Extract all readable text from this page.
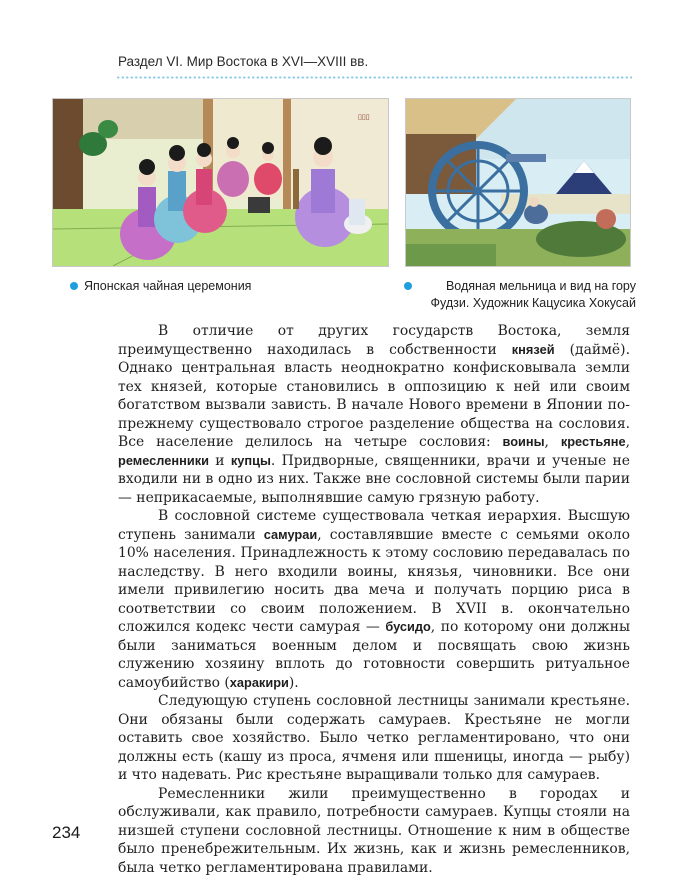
Раздел VI. Мир Востока в XVI—XVIII вв.
▯▯▯
Японская чайная церемония	Водяная мельница и вид на гору
Фудзи. Художник Кацусика Хокусай

В отличие от других государств Востока, земля преимущественно находилась в собственности князей (даймё). Однако центральная власть неоднократно конфисковывала земли тех князей, которые становились в оппозицию к ней или своим богатством вызвали зависть. В начале Нового времени в Японии по-прежнему существовало строгое разделение общества на сословия. Все население делилось на четыре сословия: воины, крестьяне, ремесленники и купцы. Придворные, священники, врачи и ученые не входили ни в одно из них. Также вне сословной системы были парии — неприкасаемые, выполнявшие самую грязную работу.

В сословной системе существовала четкая иерархия. Высшую ступень занимали самураи, составлявшие вместе с семьями около 10% населения. Принадлежность к этому сословию передавалась по наследству. В него входили воины, князья, чиновники. Все они имели привилегию носить два меча и получать порцию риса в соответствии со своим положением. В XVII в. окончательно сложился кодекс чести самурая — бусидо, по которому они должны были заниматься военным делом и посвящать свою жизнь служению хозяину вплоть до готовности совершить ритуальное самоубийство (харакири).

Следующую ступень сословной лестницы занимали крестьяне. Они обязаны были содержать самураев. Крестьяне не могли оставить свое хозяйство. Было четко регламентировано, что они должны есть (кашу из проса, ячменя или пшеницы, иногда — рыбу) и что надевать. Рис крестьяне выращивали только для самураев.

Ремесленники жили преимущественно в городах и обслуживали, как правило, потребности самураев. Купцы стояли на низшей ступени сословной лестницы. Отношение к ним в обществе было пренебрежительным. Их жизнь, как и жизнь ремесленников, была четко регламентирована правилами.

234
